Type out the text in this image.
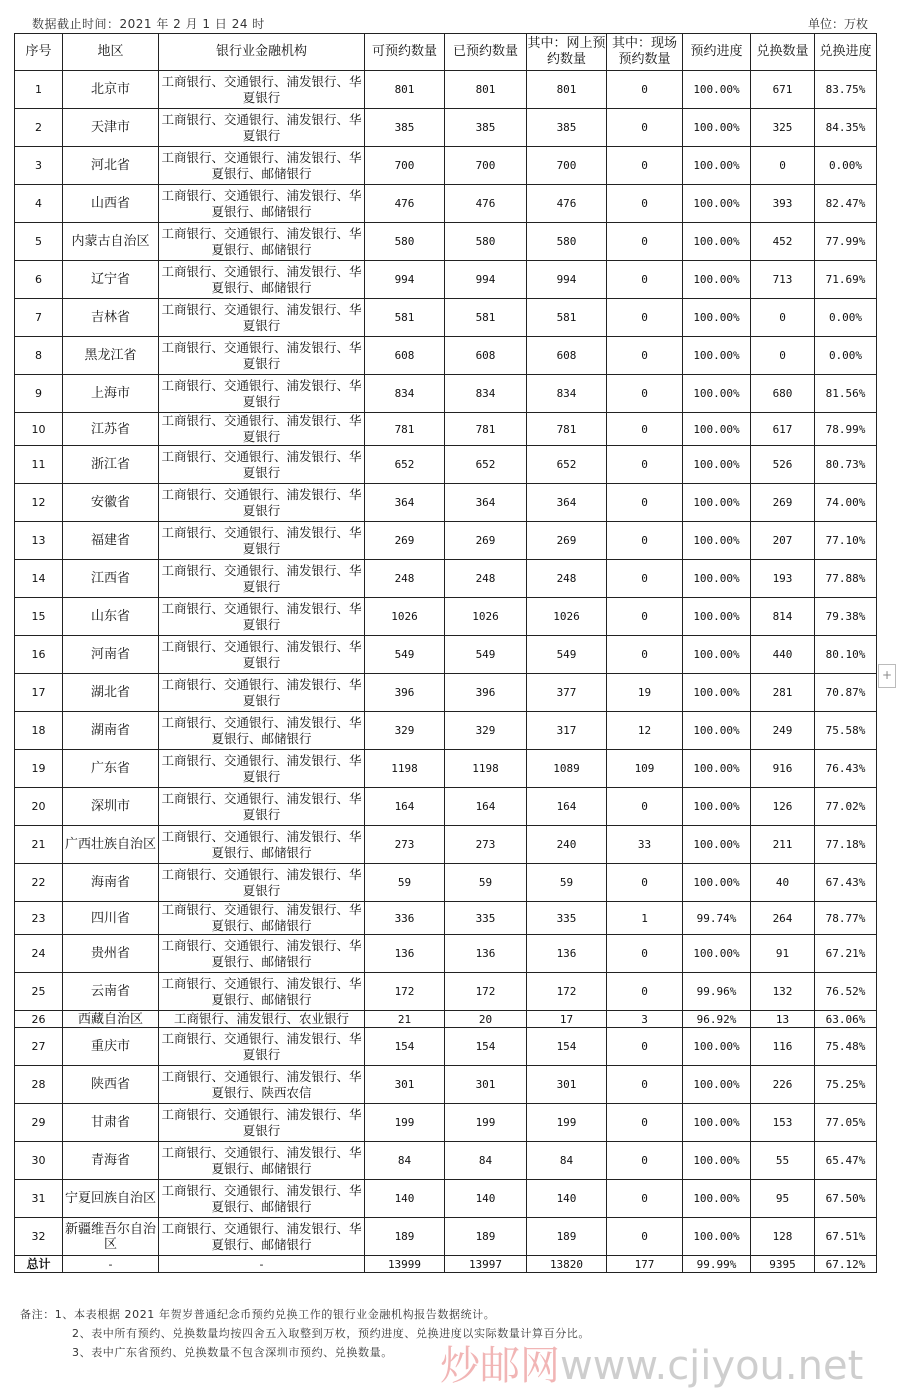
数据截止时间：2021 年 2 月 1 日 24 时	单位：万枚
序号	地区	银行业金融机构	可预约数量	已预约数量	其中：网上预约数量	其中：现场预约数量	预约进度	兑换数量	兑换进度
1	北京市	工商银行、交通银行、浦发银行、华夏银行	801	801	801	0	100.00%	671	83.75%
2	天津市	工商银行、交通银行、浦发银行、华夏银行	385	385	385	0	100.00%	325	84.35%
3	河北省	工商银行、交通银行、浦发银行、华夏银行、邮储银行	700	700	700	0	100.00%	0	0.00%
4	山西省	工商银行、交通银行、浦发银行、华夏银行、邮储银行	476	476	476	0	100.00%	393	82.47%
5	内蒙古自治区	工商银行、交通银行、浦发银行、华夏银行、邮储银行	580	580	580	0	100.00%	452	77.99%
6	辽宁省	工商银行、交通银行、浦发银行、华夏银行、邮储银行	994	994	994	0	100.00%	713	71.69%
7	吉林省	工商银行、交通银行、浦发银行、华夏银行	581	581	581	0	100.00%	0	0.00%
8	黑龙江省	工商银行、交通银行、浦发银行、华夏银行	608	608	608	0	100.00%	0	0.00%
9	上海市	工商银行、交通银行、浦发银行、华夏银行	834	834	834	0	100.00%	680	81.56%
10	江苏省	工商银行、交通银行、浦发银行、华夏银行	781	781	781	0	100.00%	617	78.99%
11	浙江省	工商银行、交通银行、浦发银行、华夏银行	652	652	652	0	100.00%	526	80.73%
12	安徽省	工商银行、交通银行、浦发银行、华夏银行	364	364	364	0	100.00%	269	74.00%
13	福建省	工商银行、交通银行、浦发银行、华夏银行	269	269	269	0	100.00%	207	77.10%
14	江西省	工商银行、交通银行、浦发银行、华夏银行	248	248	248	0	100.00%	193	77.88%
15	山东省	工商银行、交通银行、浦发银行、华夏银行	1026	1026	1026	0	100.00%	814	79.38%
16	河南省	工商银行、交通银行、浦发银行、华夏银行	549	549	549	0	100.00%	440	80.10%
17	湖北省	工商银行、交通银行、浦发银行、华夏银行	396	396	377	19	100.00%	281	70.87%
18	湖南省	工商银行、交通银行、浦发银行、华夏银行、邮储银行	329	329	317	12	100.00%	249	75.58%
19	广东省	工商银行、交通银行、浦发银行、华夏银行	1198	1198	1089	109	100.00%	916	76.43%
20	深圳市	工商银行、交通银行、浦发银行、华夏银行	164	164	164	0	100.00%	126	77.02%
21	广西壮族自治区	工商银行、交通银行、浦发银行、华夏银行、邮储银行	273	273	240	33	100.00%	211	77.18%
22	海南省	工商银行、交通银行、浦发银行、华夏银行	59	59	59	0	100.00%	40	67.43%
23	四川省	工商银行、交通银行、浦发银行、华夏银行、邮储银行	336	335	335	1	99.74%	264	78.77%
24	贵州省	工商银行、交通银行、浦发银行、华夏银行、邮储银行	136	136	136	0	100.00%	91	67.21%
25	云南省	工商银行、交通银行、浦发银行、华夏银行、邮储银行	172	172	172	0	99.96%	132	76.52%
26	西藏自治区	工商银行、浦发银行、农业银行	21	20	17	3	96.92%	13	63.06%
27	重庆市	工商银行、交通银行、浦发银行、华夏银行	154	154	154	0	100.00%	116	75.48%
28	陕西省	工商银行、交通银行、浦发银行、华夏银行、陕西农信	301	301	301	0	100.00%	226	75.25%
29	甘肃省	工商银行、交通银行、浦发银行、华夏银行	199	199	199	0	100.00%	153	77.05%
30	青海省	工商银行、交通银行、浦发银行、华夏银行、邮储银行	84	84	84	0	100.00%	55	65.47%
31	宁夏回族自治区	工商银行、交通银行、浦发银行、华夏银行、邮储银行	140	140	140	0	100.00%	95	67.50%
32	新疆维吾尔自治区	工商银行、交通银行、浦发银行、华夏银行、邮储银行	189	189	189	0	100.00%	128	67.51%
总计	-	-	13999	13997	13820	177	99.99%	9395	67.12%
+
备注：1、本表根据 2021 年贺岁普通纪念币预约兑换工作的银行业金融机构报告数据统计。
2、表中所有预约、兑换数量均按四舍五入取整到万枚，预约进度、兑换进度以实际数量计算百分比。
3、表中广东省预约、兑换数量不包含深圳市预约、兑换数量。	炒邮网www.cjiyou.net
